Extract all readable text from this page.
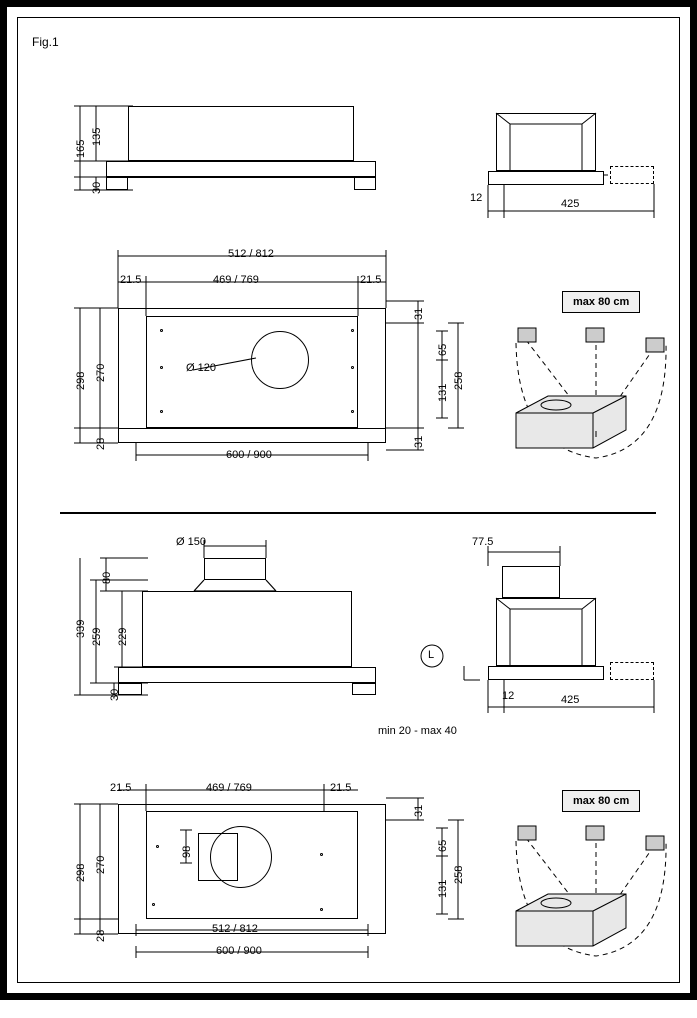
Fig.1
165
135
30
12	425
512 / 812
469 / 769
21.5	21.5
600 / 900
298 270
28
31
65
131
31
258
Ø 120
max 80 cm
Ø 150
80
339 259 229
30
77.5
12	425
min 20 - max 40
L
469 / 769
21.5	21.5
512 / 812
600 / 900
298 270
28
31
65
131
258
98
max 80 cm
